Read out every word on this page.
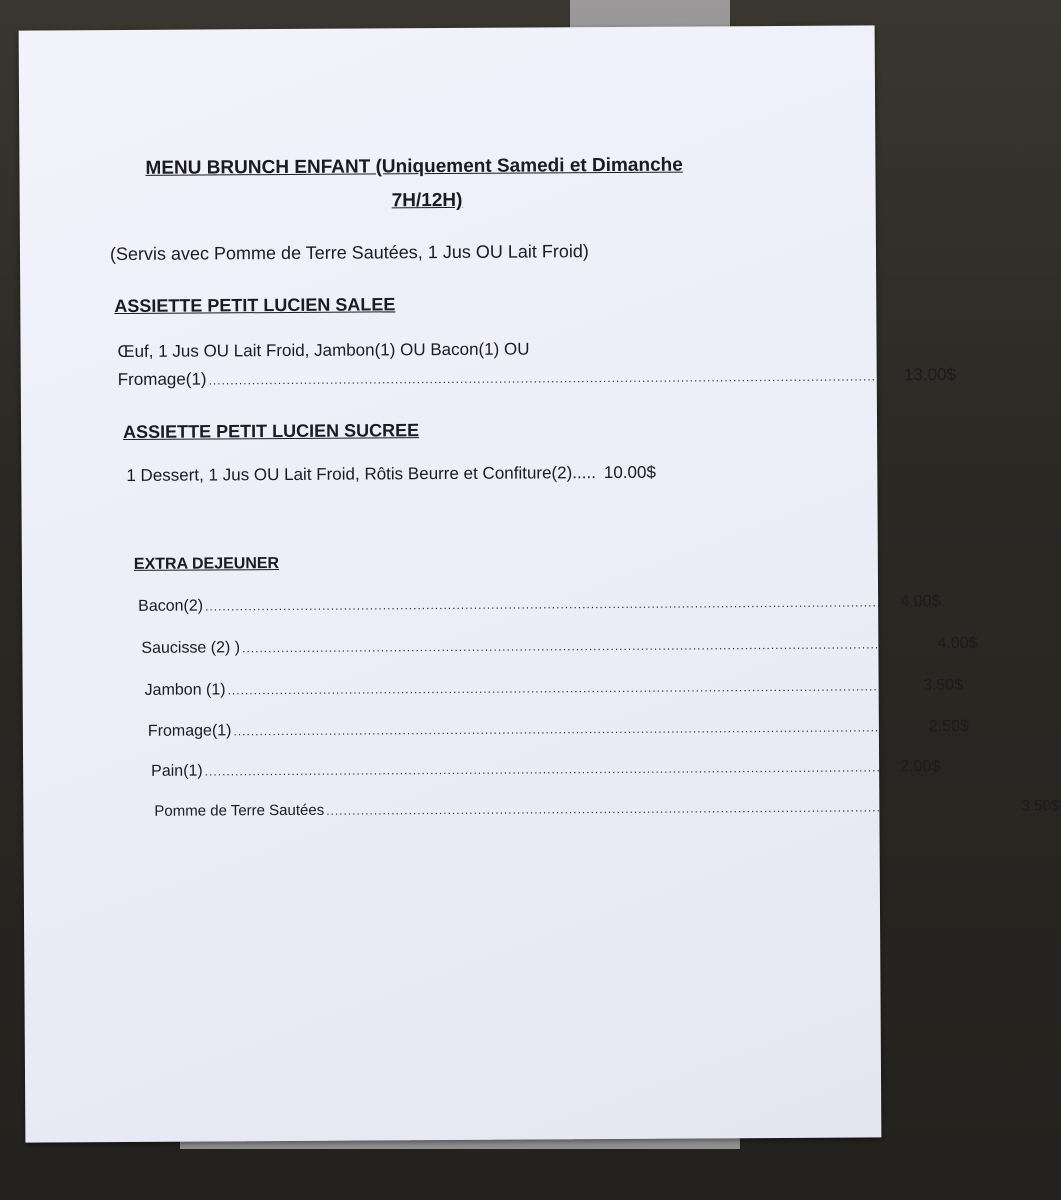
MENU BRUNCH ENFANT (Uniquement Samedi et Dimanche
7H/12H)
(Servis avec Pomme de Terre Sautées, 1 Jus OU Lait Froid)
ASSIETTE PETIT LUCIEN SALEE
Œuf, 1 Jus OU Lait Froid, Jambon(1) OU Bacon(1) OU
Fromage(1) ................................................................................................................................................................ 13.00$
ASSIETTE PETIT LUCIEN SUCREE
1 Dessert, 1 Jus OU Lait Froid, Rôtis Beurre et Confiture(2)..... 10.00$
EXTRA DEJEUNER
Bacon(2) ................................................................................................................................................................ 4.00$
Saucisse (2) ) ................................................................................................................................................................ 4.00$
Jambon (1) ................................................................................................................................................................ 3.50$
Fromage(1) ................................................................................................................................................................ 2.50$
Pain(1) ................................................................................................................................................................ 2.00$
Pomme de Terre Sautées ................................................................................................................................................................ 3.50$
